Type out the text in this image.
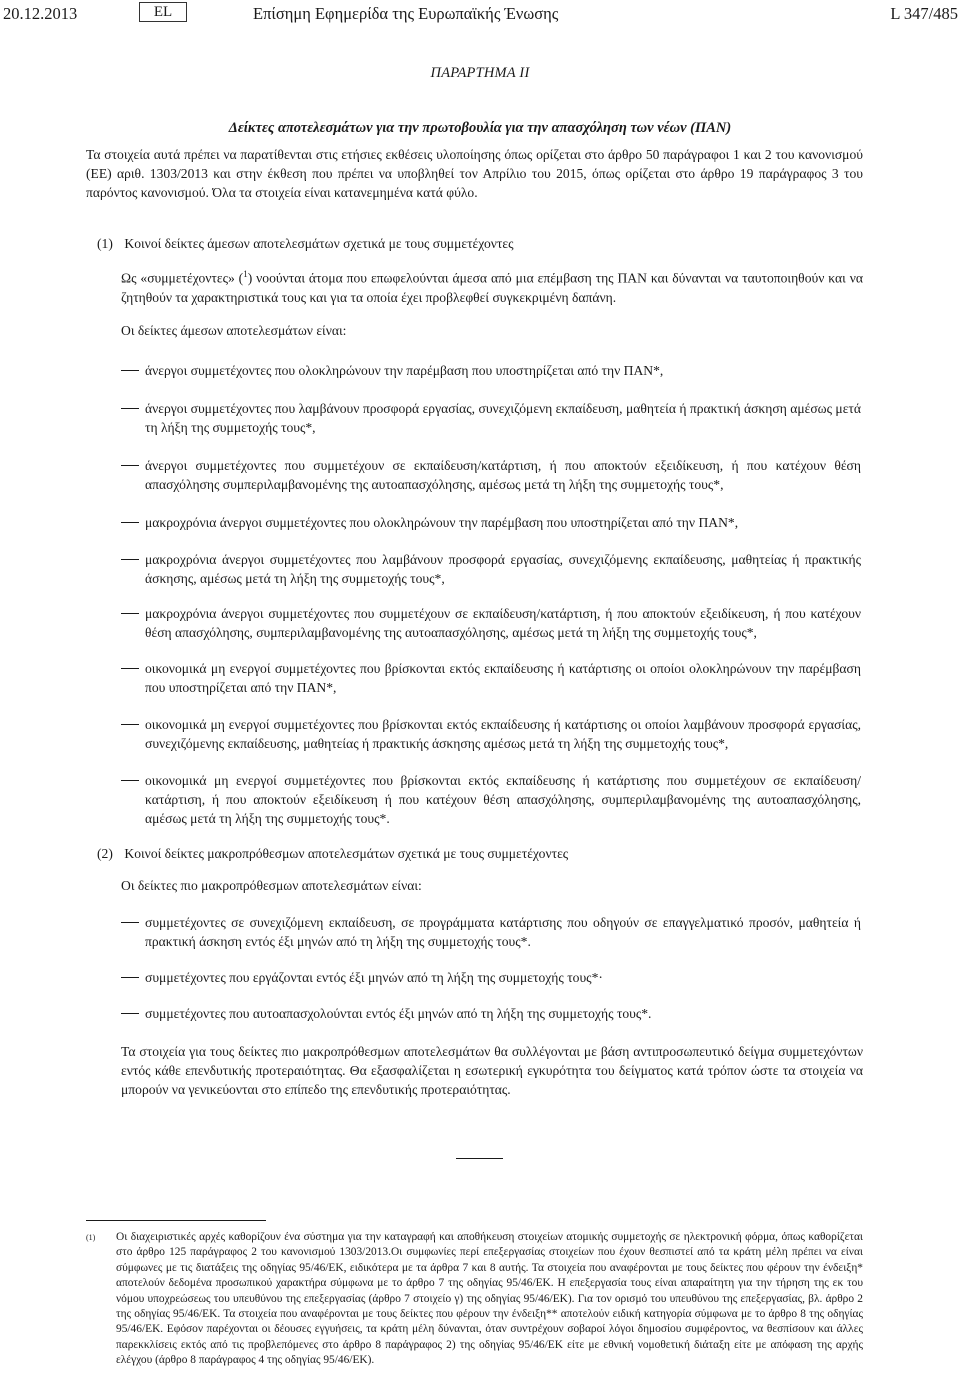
20.12.2013	EL	Επίσημη Εφημερίδα της Ευρωπαϊκής Ένωσης	L 347/485
ΠΑΡΑΡΤΗΜΑ II
Δείκτες αποτελεσμάτων για την πρωτοβουλία για την απασχόληση των νέων (ΠΑΝ)
Τα στοιχεία αυτά πρέπει να παρατίθενται στις ετήσιες εκθέσεις υλοποίησης όπως ορίζεται στο άρθρο 50 παράγραφοι 1 και 2 του κανονισμού (ΕΕ) αριθ. 1303/2013 και στην έκθεση που πρέπει να υποβληθεί τον Απρίλιο του 2015, όπως ορίζεται στο άρθρο 19 παράγραφος 3 του παρόντος κανονισμού. Όλα τα στοιχεία είναι κατανεμημένα κατά φύλο.
(1) Κοινοί δείκτες άμεσων αποτελεσμάτων σχετικά με τους συμμετέχοντες
Ως «συμμετέχοντες» ($^1$) νοούνται άτομα που επωφελούνται άμεσα από μια επέμβαση της ΠΑΝ και δύνανται να ταυτοποιηθούν και να ζητηθούν τα χαρακτηριστικά τους και για τα οποία έχει προβλεφθεί συγκεκριμένη δαπάνη.
Οι δείκτες άμεσων αποτελεσμάτων είναι:
άνεργοι συμμετέχοντες που ολοκληρώνουν την παρέμβαση που υποστηρίζεται από την ΠΑΝ*,
άνεργοι συμμετέχοντες που λαμβάνουν προσφορά εργασίας, συνεχιζόμενη εκπαίδευση, μαθητεία ή πρακτική άσκηση αμέσως μετά τη λήξη της συμμετοχής τους*,
άνεργοι συμμετέχοντες που συμμετέχουν σε εκπαίδευση/κατάρτιση, ή που αποκτούν εξειδίκευση, ή που κατέχουν θέση απασχόλησης συμπεριλαμβανομένης της αυτοαπασχόλησης, αμέσως μετά τη λήξη της συμμετοχής τους*,
μακροχρόνια άνεργοι συμμετέχοντες που ολοκληρώνουν την παρέμβαση που υποστηρίζεται από την ΠΑΝ*,
μακροχρόνια άνεργοι συμμετέχοντες που λαμβάνουν προσφορά εργασίας, συνεχιζόμενης εκπαίδευσης, μαθητείας ή πρακτικής άσκησης, αμέσως μετά τη λήξη της συμμετοχής τους*,
μακροχρόνια άνεργοι συμμετέχοντες που συμμετέχουν σε εκπαίδευση/κατάρτιση, ή που αποκτούν εξειδίκευση, ή που κατέχουν θέση απασχόλησης, συμπεριλαμβανομένης της αυτοαπασχόλησης, αμέσως μετά τη λήξη της συμμετοχής τους*,
οικονομικά μη ενεργοί συμμετέχοντες που βρίσκονται εκτός εκπαίδευσης ή κατάρτισης οι οποίοι ολοκληρώνουν την παρέμβαση που υποστηρίζεται από την ΠΑΝ*,
οικονομικά μη ενεργοί συμμετέχοντες που βρίσκονται εκτός εκπαίδευσης ή κατάρτισης οι οποίοι λαμβάνουν προσφορά εργασίας, συνεχιζόμενης εκπαίδευσης, μαθητείας ή πρακτικής άσκησης αμέσως μετά τη λήξη της συμμετοχής τους*,
οικονομικά μη ενεργοί συμμετέχοντες που βρίσκονται εκτός εκπαίδευσης ή κατάρτισης που συμμετέχουν σε εκπαίδευση/κατάρτιση, ή που αποκτούν εξειδίκευση ή που κατέχουν θέση απασχόλησης, συμπεριλαμβανομένης της αυτοαπασχόλησης, αμέσως μετά τη λήξη της συμμετοχής τους*.
(2) Κοινοί δείκτες μακροπρόθεσμων αποτελεσμάτων σχετικά με τους συμμετέχοντες
Οι δείκτες πιο μακροπρόθεσμων αποτελεσμάτων είναι:
συμμετέχοντες σε συνεχιζόμενη εκπαίδευση, σε προγράμματα κατάρτισης που οδηγούν σε επαγγελματικό προσόν, μαθητεία ή πρακτική άσκηση εντός έξι μηνών από τη λήξη της συμμετοχής τους*.
συμμετέχοντες που εργάζονται εντός έξι μηνών από τη λήξη της συμμετοχής τους*·
συμμετέχοντες που αυτοαπασχολούνται εντός έξι μηνών από τη λήξη της συμμετοχής τους*.
Τα στοιχεία για τους δείκτες πιο μακροπρόθεσμων αποτελεσμάτων θα συλλέγονται με βάση αντιπροσωπευτικό δείγμα συμμετεχόντων εντός κάθε επενδυτικής προτεραιότητας. Θα εξασφαλίζεται η εσωτερική εγκυρότητα του δείγματος κατά τρόπον ώστε τα στοιχεία να μπορούν να γενικεύονται στο επίπεδο της επενδυτικής προτεραιότητας.
(1)	Οι διαχειριστικές αρχές καθορίζουν ένα σύστημα για την καταγραφή και αποθήκευση στοιχείων ατομικής συμμετοχής σε ηλεκτρονική φόρμα, όπως καθορίζεται στο άρθρο 125 παράγραφος 2 του κανονισμού 1303/2013.Οι συμφωνίες περί επεξεργασίας στοιχείων που έχουν θεσπιστεί από τα κράτη μέλη πρέπει να είναι σύμφωνες με τις διατάξεις της οδηγίας 95/46/ΕΚ, ειδικότερα με τα άρθρα 7 και 8 αυτής. Τα στοιχεία που αναφέρονται με τους δείκτες που φέρουν την ένδειξη* αποτελούν δεδομένα προσωπικού χαρακτήρα σύμφωνα με το άρθρο 7 της οδηγίας 95/46/ΕΚ. Η επεξεργασία τους είναι απαραίτητη για την τήρηση της εκ του νόμου υποχρεώσεως του υπευθύνου της επεξεργασίας (άρθρο 7 στοιχείο γ) της οδηγίας 95/46/ΕΚ). Για τον ορισμό του υπευθύνου της επεξεργασίας, βλ. άρθρο 2 της οδηγίας 95/46/ΕΚ. Τα στοιχεία που αναφέρονται με τους δείκτες που φέρουν την ένδειξη** αποτελούν ειδική κατηγορία σύμφωνα με το άρθρο 8 της οδηγίας 95/46/ΕΚ. Εφόσον παρέχονται οι δέουσες εγγυήσεις, τα κράτη μέλη δύνανται, όταν συντρέχουν σοβαροί λόγοι δημοσίου συμφέροντος, να θεσπίσουν και άλλες παρεκκλίσεις εκτός από τις προβλεπόμενες στο άρθρο 8 παράγραφος 2) της οδηγίας 95/46/ΕΚ είτε με εθνική νομοθετική διάταξη είτε με απόφαση της αρχής ελέγχου (άρθρο 8 παράγραφος 4 της οδηγίας 95/46/ΕΚ).
